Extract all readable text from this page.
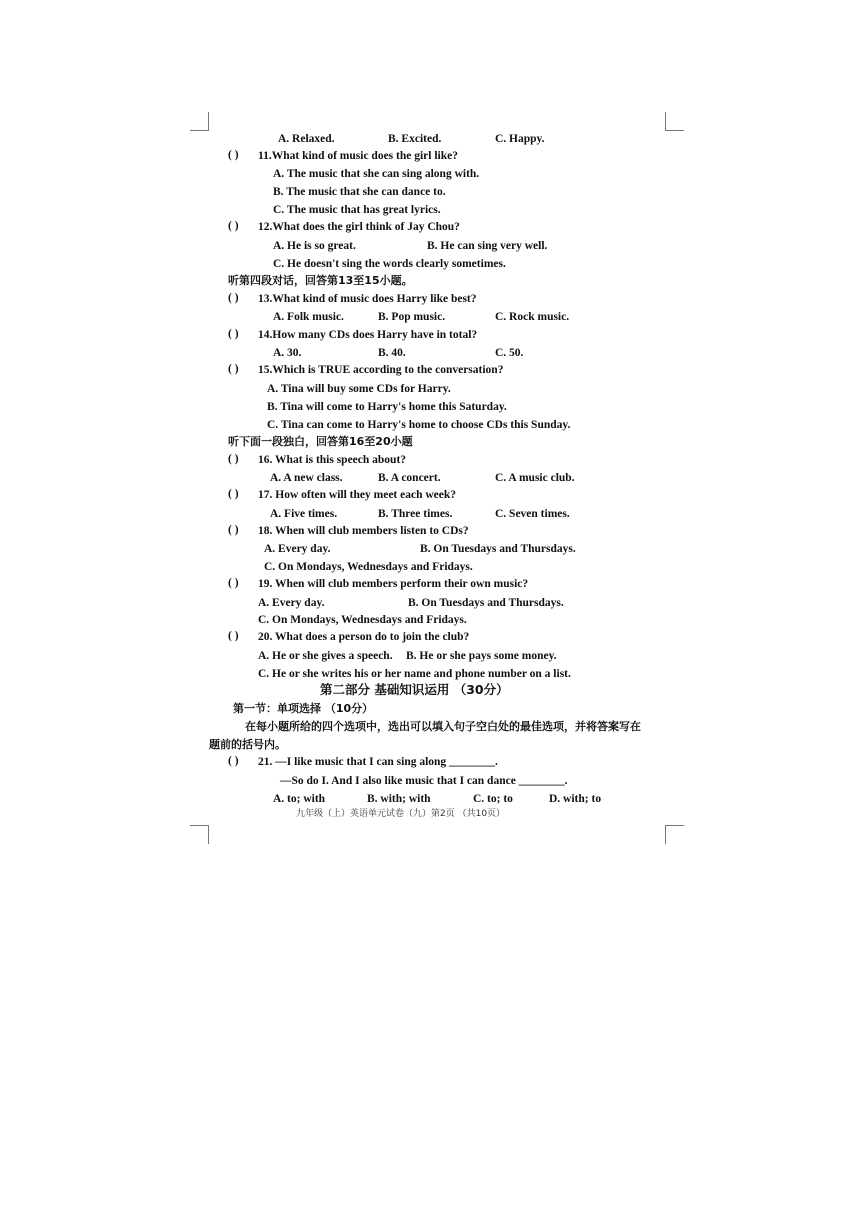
A. Relaxed.	B. Excited.	C. Happy.
( ) 11.What kind of music does the girl like?
A. The music that she can sing along with.
B. The music that she can dance to.
C. The music that has great lyrics.
( ) 12.What does the girl think of Jay Chou?
A. He is so great.	B. He can sing very well.
C. He doesn't sing the words clearly sometimes.
听第四段对话，回答第13至15小题。
( ) 13.What kind of music does Harry like best?
A. Folk music.	B. Pop music.	C. Rock music.
( ) 14.How many CDs does Harry have in total?
A. 30.	B. 40.	C. 50.
( ) 15.Which is TRUE according to the conversation?
A. Tina will buy some CDs for Harry.
B. Tina will come to Harry's home this Saturday.
C. Tina can come to Harry's home to choose CDs this Sunday.
听下面一段独白，回答第16至20小题
( ) 16. What is this speech about?
A. A new class.	B. A concert.	C. A music club.
( ) 17. How often will they meet each week?
A. Five times.	B. Three times.	C. Seven times.
( ) 18. When will club members listen to CDs?
A. Every day.	B. On Tuesdays and Thursdays.
C. On Mondays, Wednesdays and Fridays.
( ) 19. When will club members perform their own music?
A. Every day.	B. On Tuesdays and Thursdays.
C. On Mondays, Wednesdays and Fridays.
( ) 20. What does a person do to join the club?
A. He or she gives a speech. B. He or she pays some money.
C. He or she writes his or her name and phone number on a list.
第二部分 基础知识运用 （30分）
第一节：单项选择 （10分）
在每小题所给的四个选项中，选出可以填入句子空白处的最佳选项，并将答案写在
题前的括号内。
( ) 21. —I like music that I can sing along ________.
—So do I. And I also like music that I can dance ________.
A. to; with	B. with; with	C. to; to	D. with; to
九年级（上）英语单元试卷（九）第2页 （共10页）
